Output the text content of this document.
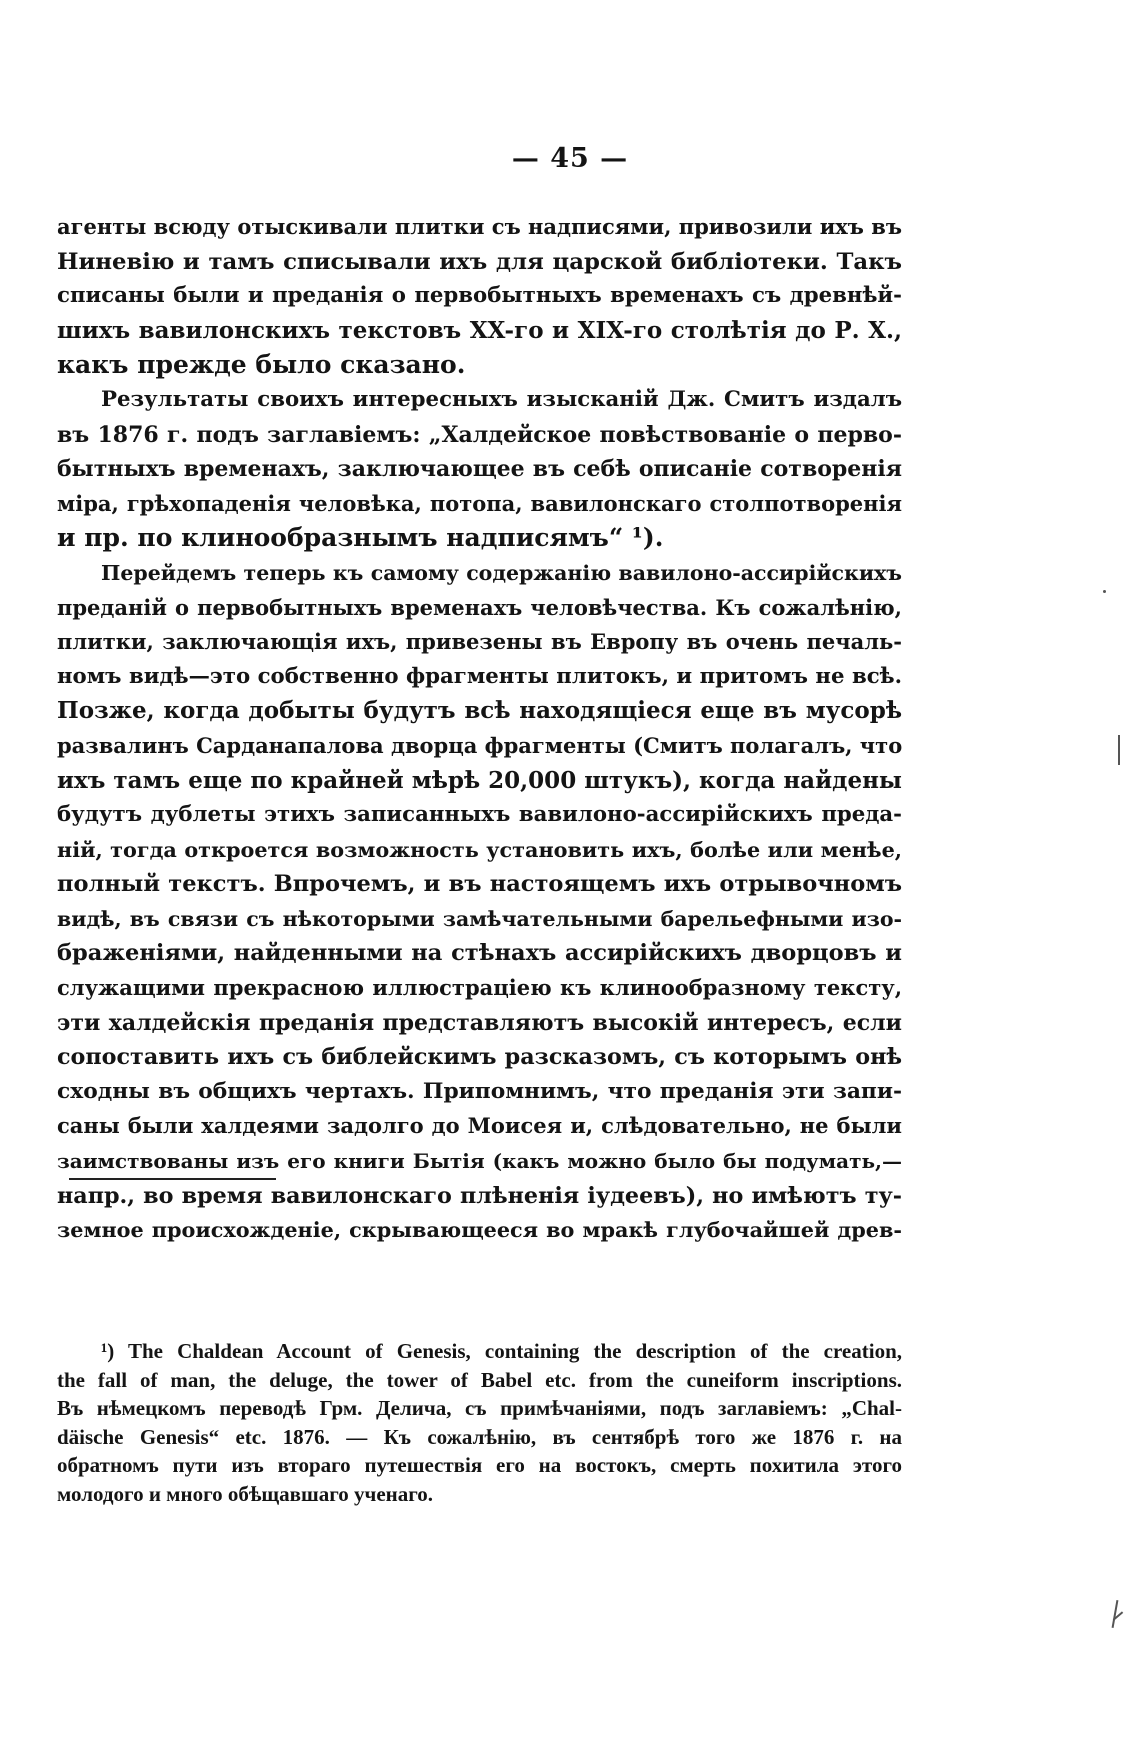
— 45 —
агенты всюду отыскивали плитки съ надписями, привозили ихъ въ
Ниневію и тамъ списывали ихъ для царской библіотеки. Такъ
списаны были и преданія о первобытныхъ временахъ съ древнѣй-
шихъ вавилонскихъ текстовъ XX-го и XIX-го столѣтія до Р. X.,
какъ прежде было сказано.
Результаты своихъ интересныхъ изысканій Дж. Смитъ издалъ
въ 1876 г. подъ заглавіемъ: „Халдейское повѣствованіе о перво-
бытныхъ временахъ, заключающее въ себѣ описаніе сотворенія
міра, грѣхопаденія человѣка, потопа, вавилонскаго столпотворенія
и пр. по клинообразнымъ надписямъ“ ¹).
Перейдемъ теперь къ самому содержанію вавилоно-ассирійскихъ
преданій о первобытныхъ временахъ человѣчества. Къ сожалѣнію,
плитки, заключающія ихъ, привезены въ Европу въ очень печаль-
номъ видѣ—это собственно фрагменты плитокъ, и притомъ не всѣ.
Позже, когда добыты будутъ всѣ находящіеся еще въ мусорѣ
развалинъ Сарданапалова дворца фрагменты (Смитъ полагалъ, что
ихъ тамъ еще по крайней мѣрѣ 20,000 штукъ), когда найдены
будутъ дублеты этихъ записанныхъ вавилоно-ассирійскихъ преда-
ній, тогда откроется возможность установить ихъ, болѣе или менѣе,
полный текстъ. Впрочемъ, и въ настоящемъ ихъ отрывочномъ
видѣ, въ связи съ нѣкоторыми замѣчательными барельефными изо-
браженіями, найденными на стѣнахъ ассирійскихъ дворцовъ и
служащими прекрасною иллюстраціею къ клинообразному тексту,
эти халдейскія преданія представляютъ высокій интересъ, если
сопоставить ихъ съ библейскимъ разсказомъ, съ которымъ онѣ
сходны въ общихъ чертахъ. Припомнимъ, что преданія эти запи-
саны были халдеями задолго до Моисея и, слѣдовательно, не были
заимствованы изъ его книги Бытія (какъ можно было бы подумать,—
напр., во время вавилонскаго плѣненія іудеевъ), но имѣютъ ту-
земное происхожденіе, скрывающееся во мракѣ глубочайшей древ-
¹) The Chaldean Account of Genesis, containing the description of the creation,
the fall of man, the deluge, the tower of Babel etc. from the cuneiform inscriptions.
Въ нѣмецкомъ переводѣ Грм. Делича, съ примѣчаніями, подъ заглавіемъ: „Chal-
däische Genesis“ etc. 1876. — Къ сожалѣнію, въ сентябрѣ того же 1876 г. на
обратномъ пути изъ втораго путешествія его на востокъ, смерть похитила этого
молодого и много обѣщавшаго ученаго.
